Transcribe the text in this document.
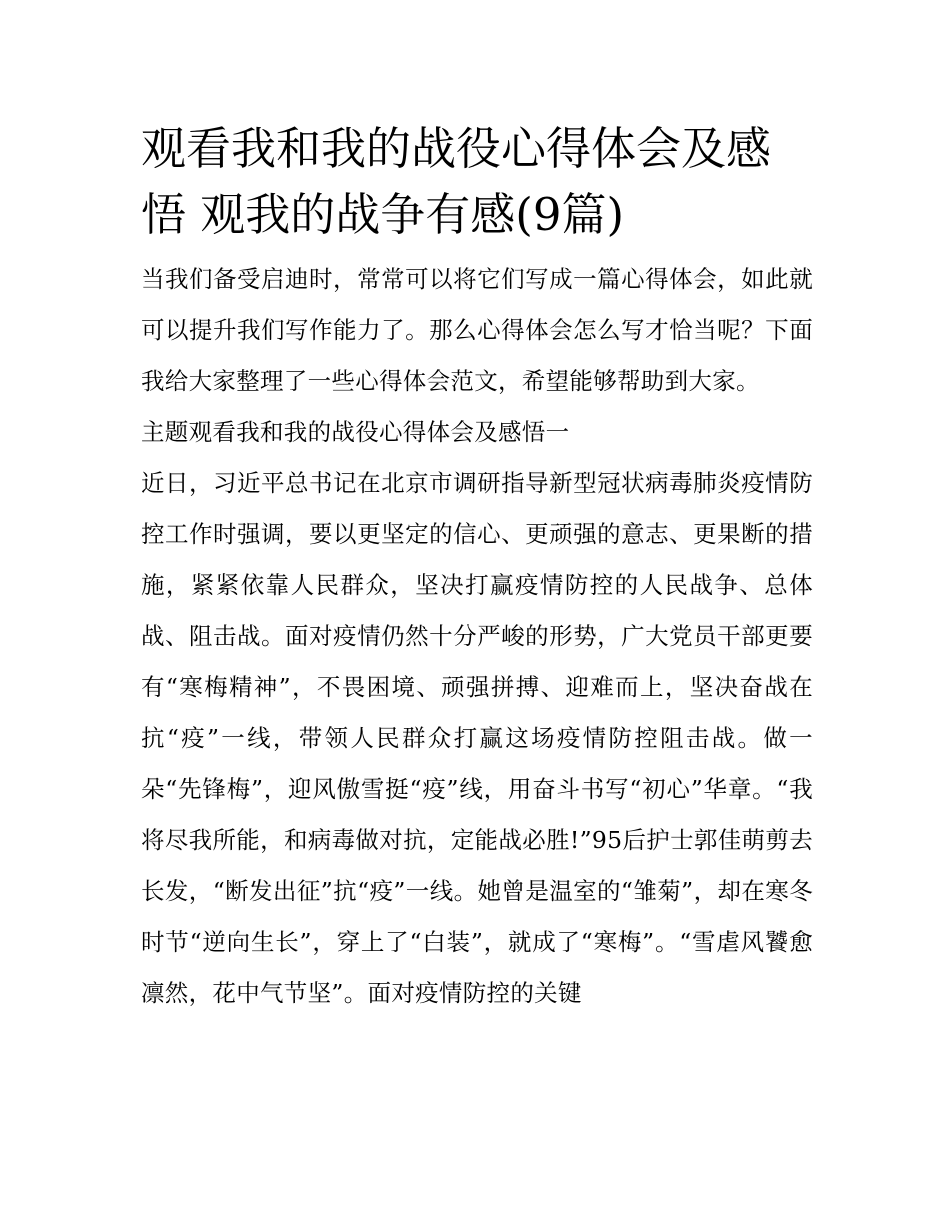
观看我和我的战役心得体会及感悟 观我的战争有感(9篇)

当我们备受启迪时，常常可以将它们写成一篇心得体会，如此就可以提升我们写作能力了。那么心得体会怎么写才恰当呢？下面我给大家整理了一些心得体会范文，希望能够帮助到大家。

主题观看我和我的战役心得体会及感悟一

近日，习近平总书记在北京市调研指导新型冠状病毒肺炎疫情防控工作时强调，要以更坚定的信心、更顽强的意志、更果断的措施，紧紧依靠人民群众，坚决打赢疫情防控的人民战争、总体战、阻击战。面对疫情仍然十分严峻的形势，广大党员干部更要有“寒梅精神”，不畏困境、顽强拼搏、迎难而上，坚决奋战在抗“疫”一线，带领人民群众打赢这场疫情防控阻击战。做一朵“先锋梅”，迎风傲雪挺“疫”线，用奋斗书写“初心”华章。“我将尽我所能，和病毒做对抗，定能战必胜!”95后护士郭佳萌剪去长发，“断发出征”抗“疫”一线。她曾是温室的“雏菊”，却在寒冬时节“逆向生长”，穿上了“白装”，就成了“寒梅”。“雪虐风饕愈凛然，花中气节坚”。面对疫情防控的关键
